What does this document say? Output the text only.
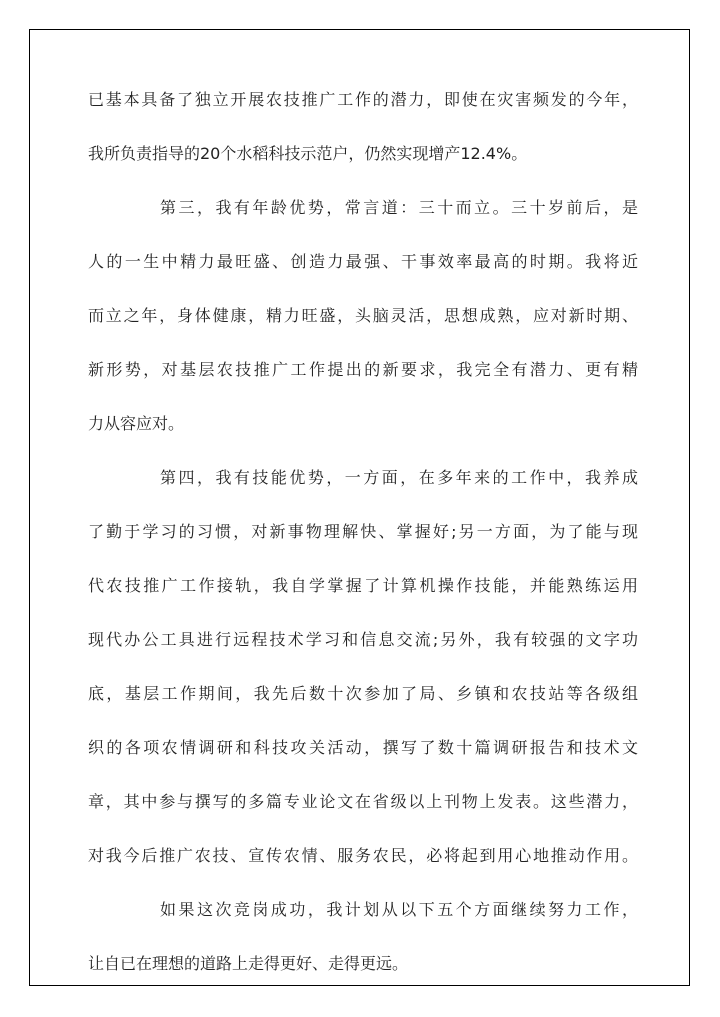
已基本具备了独立开展农技推广工作的潜力，即使在灾害频发的今年，
我所负责指导的20个水稻科技示范户，仍然实现增产12.4%。
第三，我有年龄优势，常言道：三十而立。三十岁前后，是
人的一生中精力最旺盛、创造力最强、干事效率最高的时期。我将近
而立之年，身体健康，精力旺盛，头脑灵活，思想成熟，应对新时期、
新形势，对基层农技推广工作提出的新要求，我完全有潜力、更有精
力从容应对。
第四，我有技能优势，一方面，在多年来的工作中，我养成
了勤于学习的习惯，对新事物理解快、掌握好;另一方面，为了能与现
代农技推广工作接轨，我自学掌握了计算机操作技能，并能熟练运用
现代办公工具进行远程技术学习和信息交流;另外，我有较强的文字功
底，基层工作期间，我先后数十次参加了局、乡镇和农技站等各级组
织的各项农情调研和科技攻关活动，撰写了数十篇调研报告和技术文
章，其中参与撰写的多篇专业论文在省级以上刊物上发表。这些潜力，
对我今后推广农技、宣传农情、服务农民，必将起到用心地推动作用。
如果这次竞岗成功，我计划从以下五个方面继续努力工作，
让自已在理想的道路上走得更好、走得更远。
